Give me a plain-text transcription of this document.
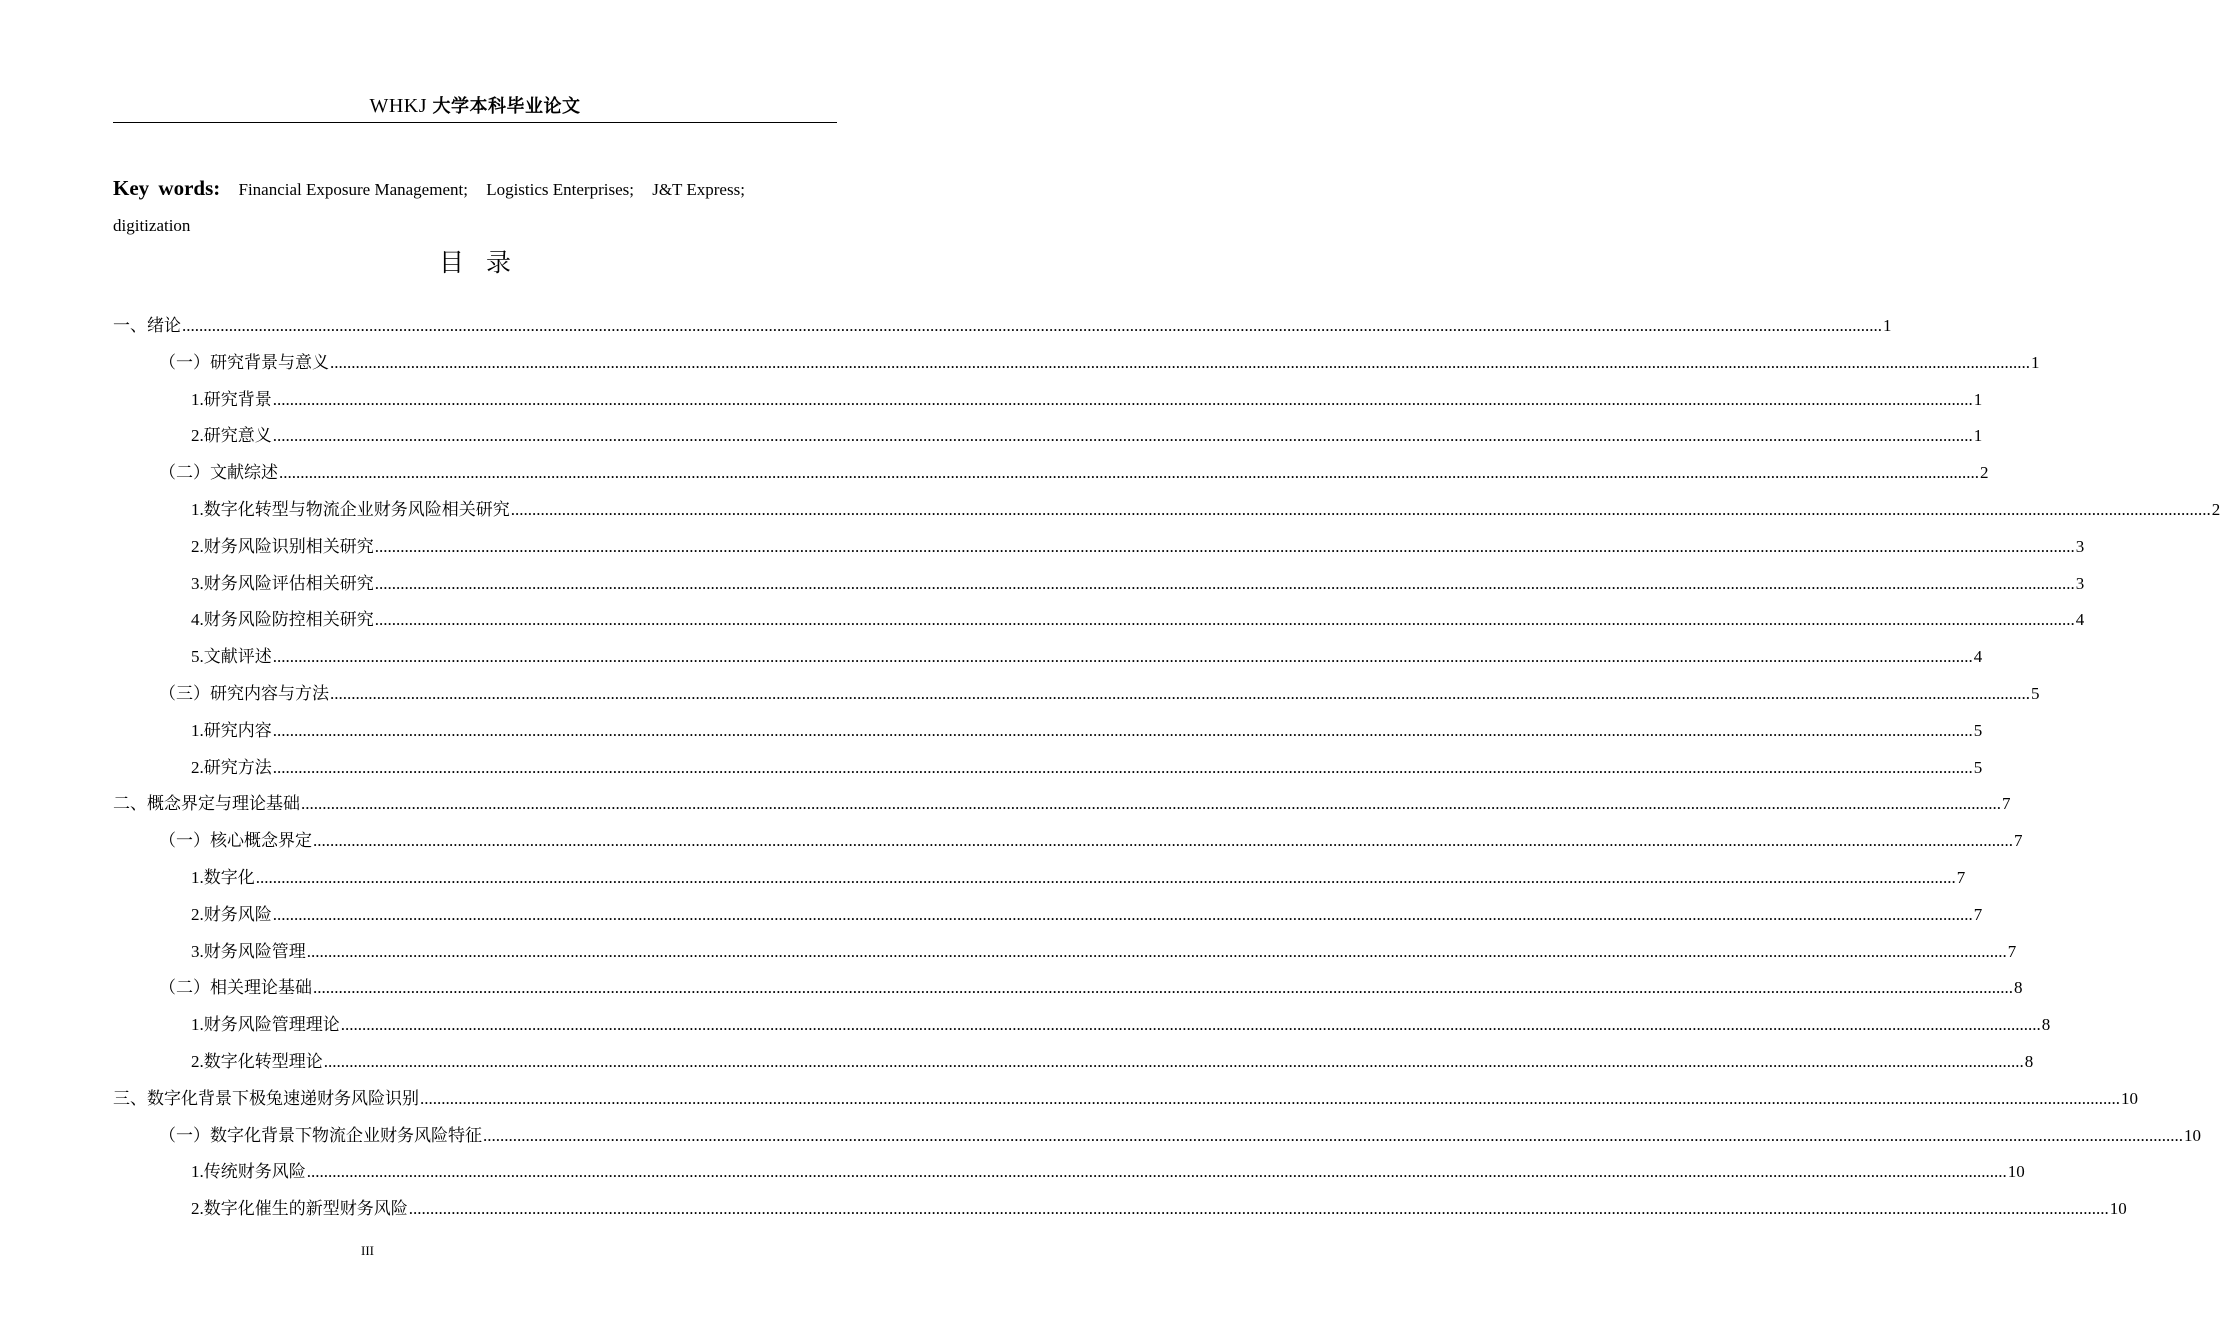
WHKJ 大学本科毕业论文
Key words: Financial Exposure Management; Logistics Enterprises; J&T Express;
digitization
目录
一、 绪论 ................................................................................................................................................................................................................................................................................................................................................................................................................ 1
（一） 研究背景与意义 ................................................................................................................................................................................................................................................................................................................................................................................................................ 1
1. 研究背景 ................................................................................................................................................................................................................................................................................................................................................................................................................ 1
2. 研究意义 ................................................................................................................................................................................................................................................................................................................................................................................................................ 1
（二） 文献综述 ................................................................................................................................................................................................................................................................................................................................................................................................................ 2
1. 数字化转型与物流企业财务风险相关研究 ................................................................................................................................................................................................................................................................................................................................................................................................................ 2
2. 财务风险识别相关研究 ................................................................................................................................................................................................................................................................................................................................................................................................................ 3
3. 财务风险评估相关研究 ................................................................................................................................................................................................................................................................................................................................................................................................................ 3
4. 财务风险防控相关研究 ................................................................................................................................................................................................................................................................................................................................................................................................................ 4
5. 文献评述 ................................................................................................................................................................................................................................................................................................................................................................................................................ 4
（三） 研究内容与方法 ................................................................................................................................................................................................................................................................................................................................................................................................................ 5
1. 研究内容 ................................................................................................................................................................................................................................................................................................................................................................................................................ 5
2. 研究方法 ................................................................................................................................................................................................................................................................................................................................................................................................................ 5
二、 概念界定与理论基础 ................................................................................................................................................................................................................................................................................................................................................................................................................ 7
（一） 核心概念界定 ................................................................................................................................................................................................................................................................................................................................................................................................................ 7
1. 数字化 ................................................................................................................................................................................................................................................................................................................................................................................................................ 7
2. 财务风险 ................................................................................................................................................................................................................................................................................................................................................................................................................ 7
3. 财务风险管理 ................................................................................................................................................................................................................................................................................................................................................................................................................ 7
（二） 相关理论基础 ................................................................................................................................................................................................................................................................................................................................................................................................................ 8
1. 财务风险管理理论 ................................................................................................................................................................................................................................................................................................................................................................................................................ 8
2. 数字化转型理论 ................................................................................................................................................................................................................................................................................................................................................................................................................ 8
三、 数字化背景下极兔速递财务风险识别 ................................................................................................................................................................................................................................................................................................................................................................................................................ 10
（一） 数字化背景下物流企业财务风险特征 ................................................................................................................................................................................................................................................................................................................................................................................................................ 10
1. 传统财务风险 ................................................................................................................................................................................................................................................................................................................................................................................................................ 10
2. 数字化催生的新型财务风险 ................................................................................................................................................................................................................................................................................................................................................................................................................ 10
III
